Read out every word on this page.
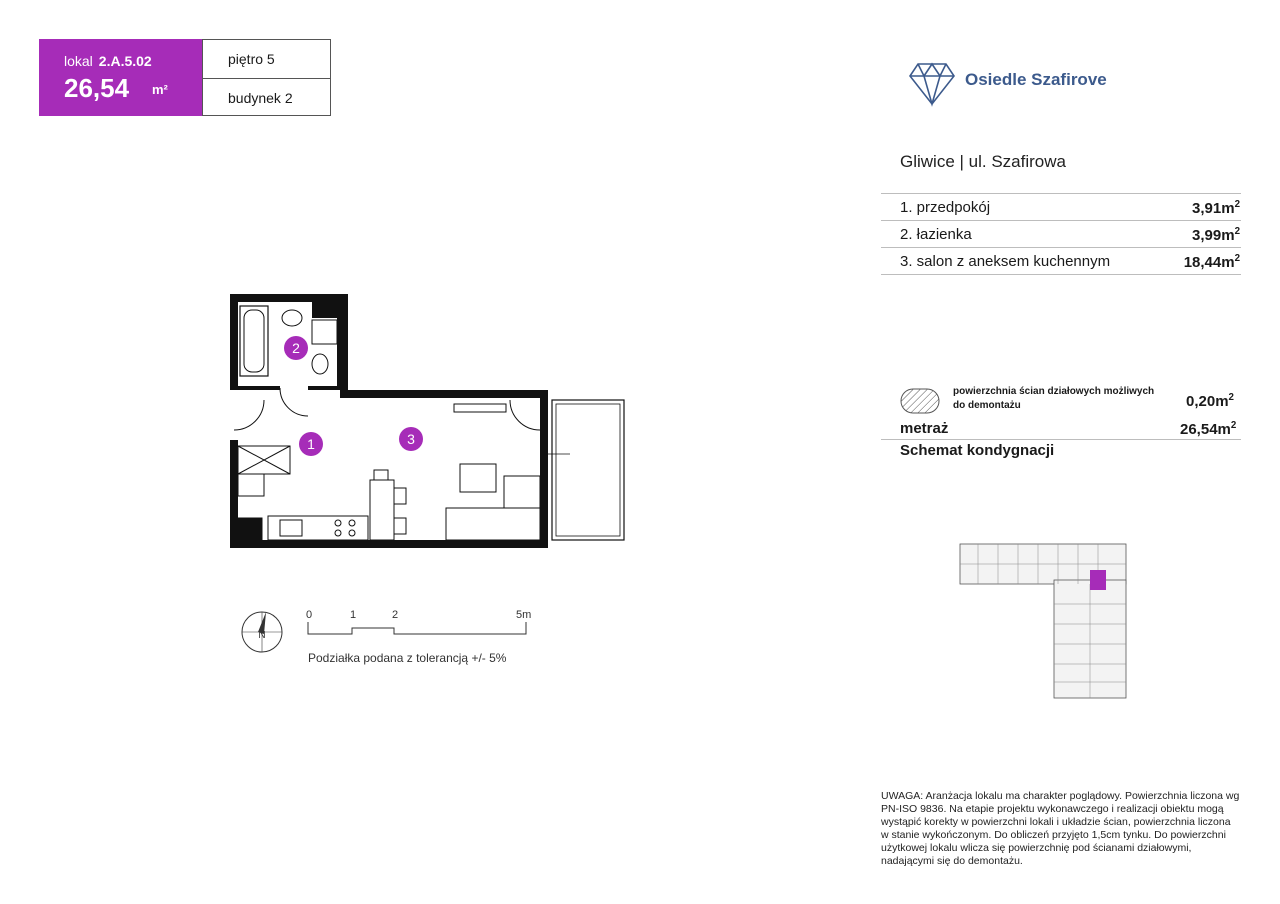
lokal 2.A.5.02
26,54 m²
piętro 5
budynek 2
Osiedle Szafirove
Gliwice | ul. Szafirowa
1. przedpokój	$3,91m^2$
2. łazienka	$3,99m^2$
3. salon z aneksem kuchennym	$18,44m^2$
powierzchnia ścian działowych możliwych do demontażu	$0,20m^2$
metraż	$26,54m^2$
Schemat kondygnacji
2
1	3
N
0	1	2	5m
Podziałka podana z tolerancją +/- 5%
UWAGA: Aranżacja lokalu ma charakter poglądowy. Powierzchnia liczona wg PN-ISO 9836. Na etapie projektu wykonawczego i realizacji obiektu mogą wystąpić korekty w powierzchni lokali i układzie ścian, powierzchnia liczona w stanie wykończonym. Do obliczeń przyjęto 1,5cm tynku. Do powierzchni użytkowej lokalu wlicza się powierzchnię pod ścianami działowymi, nadającymi się do demontażu.
